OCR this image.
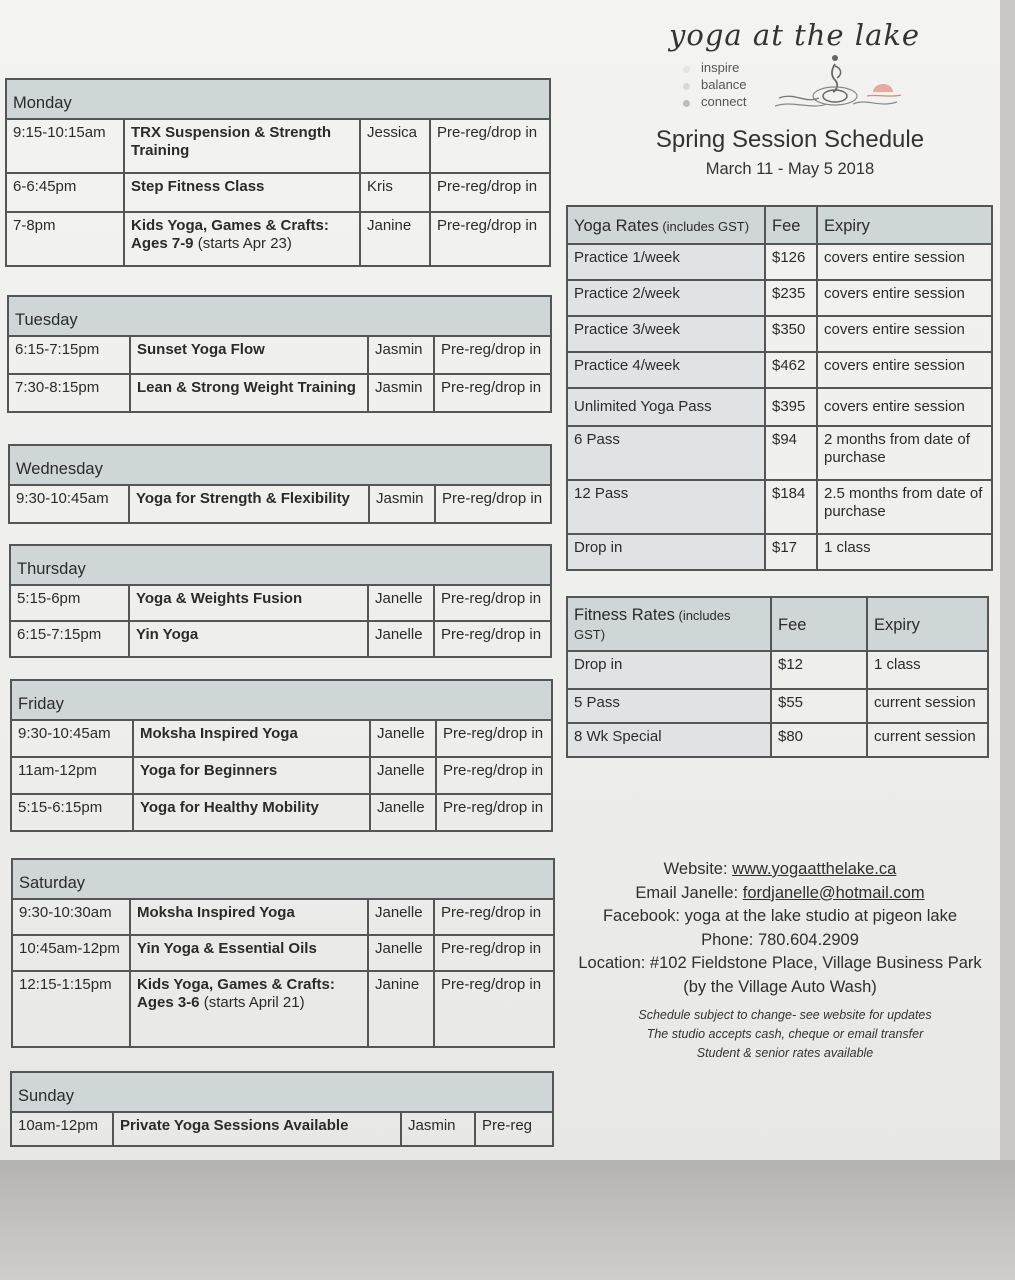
yoga at the lake
inspire
balance
connect
Spring Session Schedule
March 11 - May 5 2018
Monday			
9:15-10:15am	TRX Suspension & Strength Training	Jessica	Pre-reg/drop in
6-6:45pm	Step Fitness Class	Kris	Pre-reg/drop in
7-8pm	Kids Yoga, Games & Crafts: Ages 7-9 (starts Apr 23)	Janine	Pre-reg/drop in
Tuesday			
6:15-7:15pm	Sunset Yoga Flow	Jasmin	Pre-reg/drop in
7:30-8:15pm	Lean & Strong Weight Training	Jasmin	Pre-reg/drop in
Wednesday
9:30-10:45am	Yoga for Strength & Flexibility	Jasmin	Pre-reg/drop in
Thursday			
5:15-6pm	Yoga & Weights Fusion	Janelle	Pre-reg/drop in
6:15-7:15pm	Yin Yoga	Janelle	Pre-reg/drop in
Friday			
9:30-10:45am	Moksha Inspired Yoga	Janelle	Pre-reg/drop in
11am-12pm	Yoga for Beginners	Janelle	Pre-reg/drop in
5:15-6:15pm	Yoga for Healthy Mobility	Janelle	Pre-reg/drop in
Saturday			
9:30-10:30am	Moksha Inspired Yoga	Janelle	Pre-reg/drop in
10:45am-12pm	Yin Yoga & Essential Oils	Janelle	Pre-reg/drop in
12:15-1:15pm	Kids Yoga, Games & Crafts: Ages 3-6 (starts April 21)	Janine	Pre-reg/drop in
Sunday
10am-12pm	Private Yoga Sessions Available	Jasmin	Pre-reg
Yoga Rates (includes GST)	Fee	Expiry
Practice 1/week	$126	covers entire session
Practice 2/week	$235	covers entire session
Practice 3/week	$350	covers entire session
Practice 4/week	$462	covers entire session
Unlimited Yoga Pass	$395	covers entire session
6 Pass	$94	2 months from date of purchase
12 Pass	$184	2.5 months from date of purchase
Drop in	$17	1 class
Fitness Rates (includes GST)	Fee	Expiry
Drop in	$12	1 class
5 Pass	$55	current session
8 Wk Special	$80	current session
Website: www.yogaatthelake.ca
Email Janelle: fordjanelle@hotmail.com
Facebook: yoga at the lake studio at pigeon lake
Phone: 780.604.2909
Location: #102 Fieldstone Place, Village Business Park
(by the Village Auto Wash)
Schedule subject to change- see website for updates
The studio accepts cash, cheque or email transfer
Student & senior rates available
